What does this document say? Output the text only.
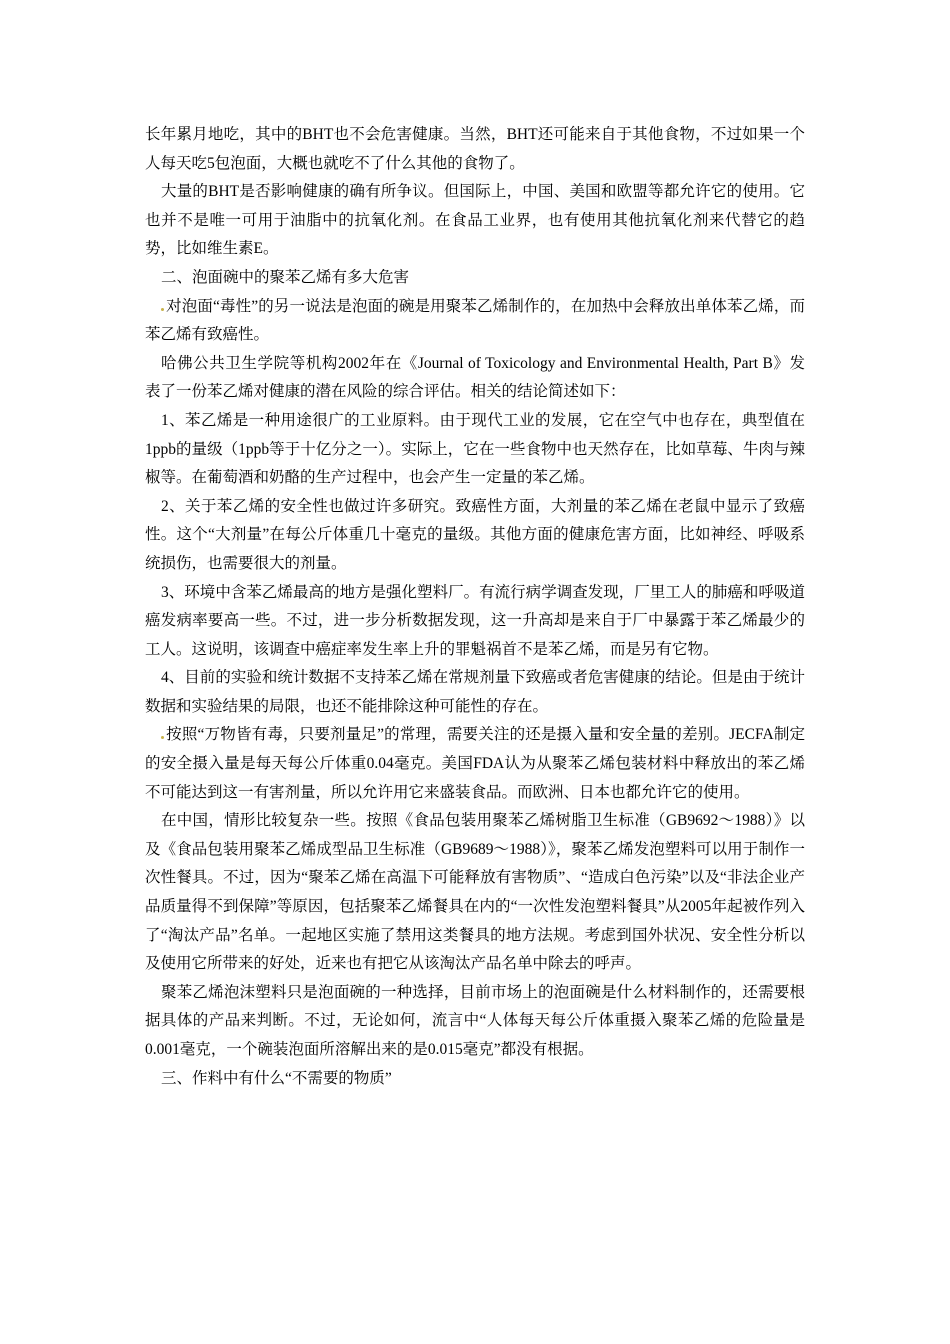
长年累月地吃，其中的BHT也不会危害健康。当然，BHT还可能来自于其他食物，不过如果一个人每天吃5包泡面，大概也就吃不了什么其他的食物了。

大量的BHT是否影响健康的确有所争议。但国际上，中国、美国和欧盟等都允许它的使用。它也并不是唯一可用于油脂中的抗氧化剂。在食品工业界，也有使用其他抗氧化剂来代替它的趋势，比如维生素E。

二、泡面碗中的聚苯乙烯有多大危害

对泡面“毒性”的另一说法是泡面的碗是用聚苯乙烯制作的，在加热中会释放出单体苯乙烯，而苯乙烯有致癌性。

哈佛公共卫生学院等机构2002年在《Journal of Toxicology and Environmental Health, Part B》发表了一份苯乙烯对健康的潜在风险的综合评估。相关的结论简述如下：

1、苯乙烯是一种用途很广的工业原料。由于现代工业的发展，它在空气中也存在，典型值在1ppb的量级（1ppb等于十亿分之一）。实际上，它在一些食物中也天然存在，比如草莓、牛肉与辣椒等。在葡萄酒和奶酪的生产过程中，也会产生一定量的苯乙烯。

2、关于苯乙烯的安全性也做过许多研究。致癌性方面，大剂量的苯乙烯在老鼠中显示了致癌性。这个“大剂量”在每公斤体重几十毫克的量级。其他方面的健康危害方面，比如神经、呼吸系统损伤，也需要很大的剂量。

3、环境中含苯乙烯最高的地方是强化塑料厂。有流行病学调查发现，厂里工人的肺癌和呼吸道癌发病率要高一些。不过，进一步分析数据发现，这一升高却是来自于厂中暴露于苯乙烯最少的工人。这说明，该调查中癌症率发生率上升的罪魁祸首不是苯乙烯，而是另有它物。

4、目前的实验和统计数据不支持苯乙烯在常规剂量下致癌或者危害健康的结论。但是由于统计数据和实验结果的局限，也还不能排除这种可能性的存在。

按照“万物皆有毒，只要剂量足”的常理，需要关注的还是摄入量和安全量的差别。JECFA制定的安全摄入量是每天每公斤体重0.04毫克。美国FDA认为从聚苯乙烯包装材料中释放出的苯乙烯不可能达到这一有害剂量，所以允许用它来盛装食品。而欧洲、日本也都允许它的使用。

在中国，情形比较复杂一些。按照《食品包装用聚苯乙烯树脂卫生标准（GB9692～1988）》以及《食品包装用聚苯乙烯成型品卫生标准（GB9689～1988）》，聚苯乙烯发泡塑料可以用于制作一次性餐具。不过，因为“聚苯乙烯在高温下可能释放有害物质”、“造成白色污染”以及“非法企业产品质量得不到保障”等原因，包括聚苯乙烯餐具在内的“一次性发泡塑料餐具”从2005年起被作列入了“淘汰产品”名单。一起地区实施了禁用这类餐具的地方法规。考虑到国外状况、安全性分析以及使用它所带来的好处，近来也有把它从该淘汰产品名单中除去的呼声。

聚苯乙烯泡沫塑料只是泡面碗的一种选择，目前市场上的泡面碗是什么材料制作的，还需要根据具体的产品来判断。不过，无论如何，流言中“人体每天每公斤体重摄入聚苯乙烯的危险量是0.001毫克，一个碗装泡面所溶解出来的是0.015毫克”都没有根据。

三、作料中有什么“不需要的物质”
